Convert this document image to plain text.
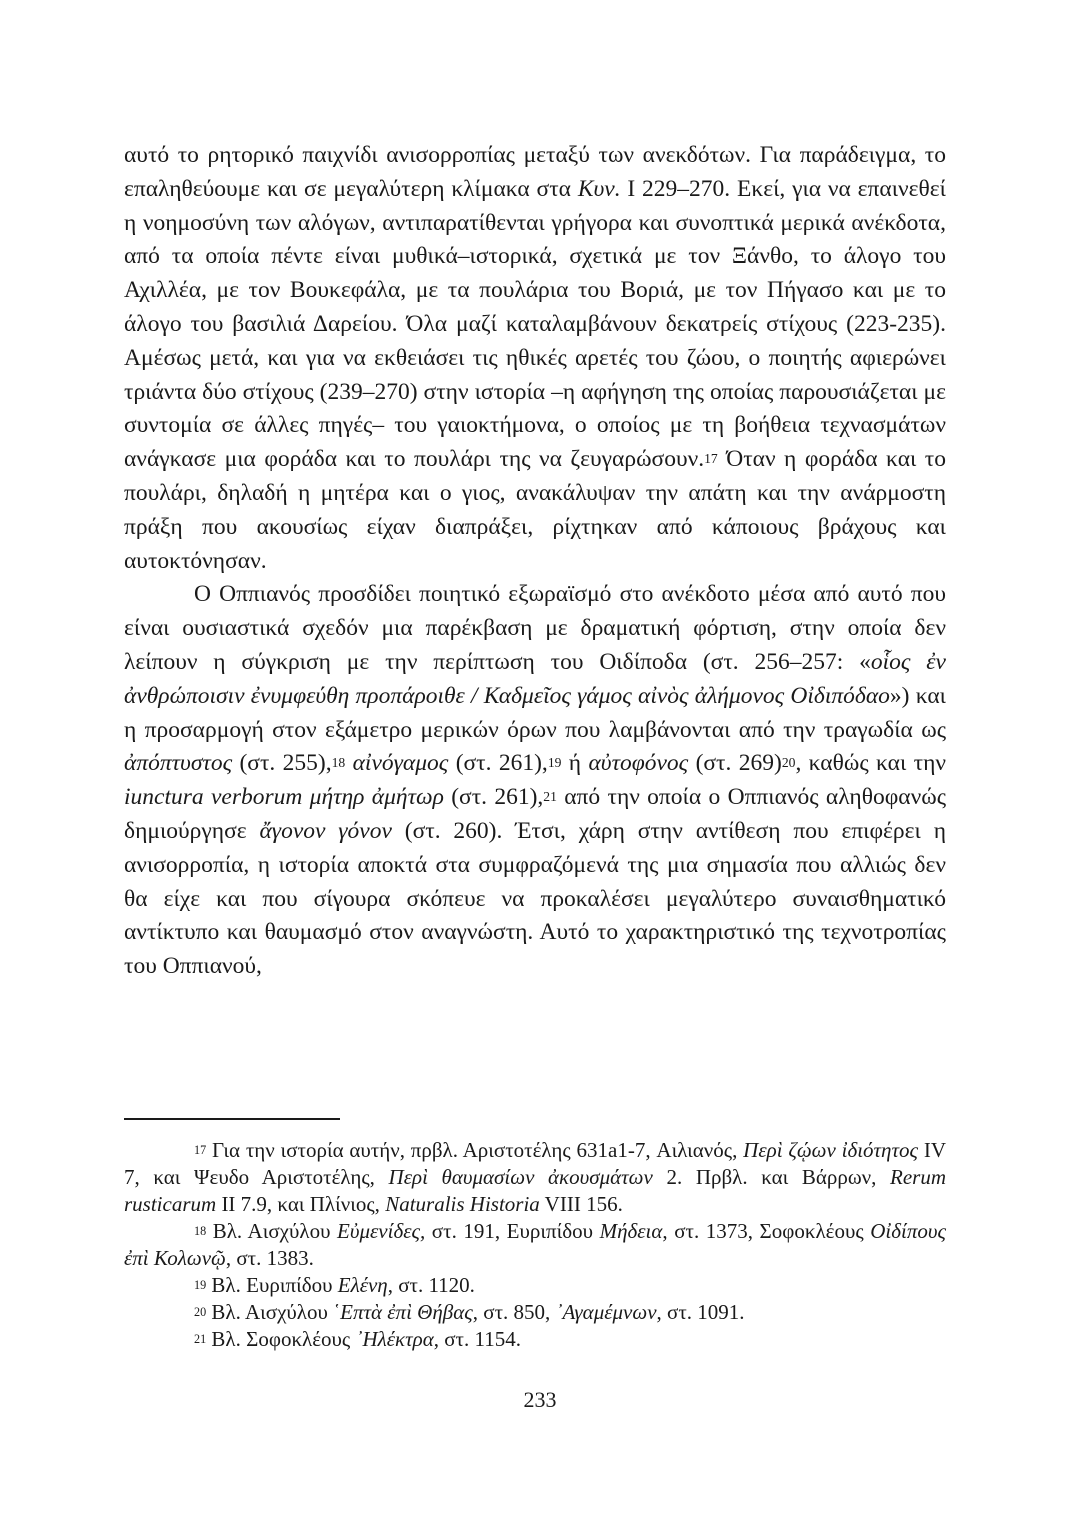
αυτό το ρητορικό παιχνίδι ανισορροπίας μεταξύ των ανεκδότων. Για παράδειγμα, το επαληθεύουμε και σε μεγαλύτερη κλίμακα στα Κυν. Ι 229–270. Εκεί, για να επαινεθεί η νοημοσύνη των αλόγων, αντιπαρατίθενται γρήγορα και συνοπτικά μερικά ανέκδοτα, από τα οποία πέντε είναι μυθικά–ιστορικά, σχετικά με τον Ξάνθο, το άλογο του Αχιλλέα, με τον Βουκεφάλα, με τα πουλάρια του Βοριά, με τον Πήγασο και με το άλογο του βασιλιά Δαρείου. Όλα μαζί καταλαμβάνουν δεκατρείς στίχους (223-235). Αμέσως μετά, και για να εκθειάσει τις ηθικές αρετές του ζώου, ο ποιητής αφιερώνει τριάντα δύο στίχους (239–270) στην ιστορία –η αφήγηση της οποίας παρουσιάζεται με συντομία σε άλλες πηγές– του γαιοκτήμονα, ο οποίος με τη βοήθεια τεχνασμάτων ανάγκασε μια φοράδα και το πουλάρι της να ζευγαρώσουν.$^{17}$ Όταν η φοράδα και το πουλάρι, δηλαδή η μητέρα και ο γιος, ανακάλυψαν την απάτη και την ανάρμοστη πράξη που ακουσίως είχαν διαπράξει, ρίχτηκαν από κάποιους βράχους και αυτοκτόνησαν.

Ο Οππιανός προσδίδει ποιητικό εξωραϊσμό στο ανέκδοτο μέσα από αυτό που είναι ουσιαστικά σχεδόν μια παρέκβαση με δραματική φόρτιση, στην οποία δεν λείπουν η σύγκριση με την περίπτωση του Οιδίποδα (στ. 256–257: «οἷος ἐν ἀνθρώποισιν ἐνυμφεύθη προπάροιθε / Καδμεῖος γάμος αἰνὸς ἀλήμονος Οἰδιπόδαο») και η προσαρμογή στον εξάμετρο μερικών όρων που λαμβάνονται από την τραγωδία ως ἀπόπτυστος (στ. 255),$^{18}$ αἰνόγαμος (στ. 261),$^{19}$ ή αὐτοφόνος (στ. 269)$^{20}$, καθώς και την iunctura verborum μήτηρ ἀμήτωρ (στ. 261),$^{21}$ από την οποία ο Οππιανός αληθοφανώς δημιούργησε ἄγονον γόνον (στ. 260). Έτσι, χάρη στην αντίθεση που επιφέρει η ανισορροπία, η ιστορία αποκτά στα συμφραζόμενά της μια σημασία που αλλιώς δεν θα είχε και που σίγουρα σκόπευε να προκαλέσει μεγαλύτερο συναισθηματικό αντίκτυπο και θαυμασμό στον αναγνώστη. Αυτό το χαρακτηριστικό της τεχνοτροπίας του Οππιανού,

$^{17}$ Για την ιστορία αυτήν, πρβλ. Αριστοτέλης 631a1-7, Αιλιανός, Περὶ ζῴων ἰδιότητος IV 7, και Ψευδο Αριστοτέλης, Περὶ θαυμασίων ἀκουσμάτων 2. Πρβλ. και Βάρρων, Rerum rusticarum II 7.9, και Πλίνιος, Naturalis Historia VIII 156.

$^{18}$ Βλ. Αισχύλου Εὐμενίδες, στ. 191, Ευριπίδου Μήδεια, στ. 1373, Σοφοκλέους Οἰδίπους ἐπὶ Κολωνῷ, στ. 1383.

$^{19}$ Βλ. Ευριπίδου Ελένη, στ. 1120.

$^{20}$ Βλ. Αισχύλου ῾Επτὰ ἐπὶ Θήβας, στ. 850, ᾽Αγαμέμνων, στ. 1091.

$^{21}$ Βλ. Σοφοκλέους ᾽Ηλέκτρα, στ. 1154.

233
